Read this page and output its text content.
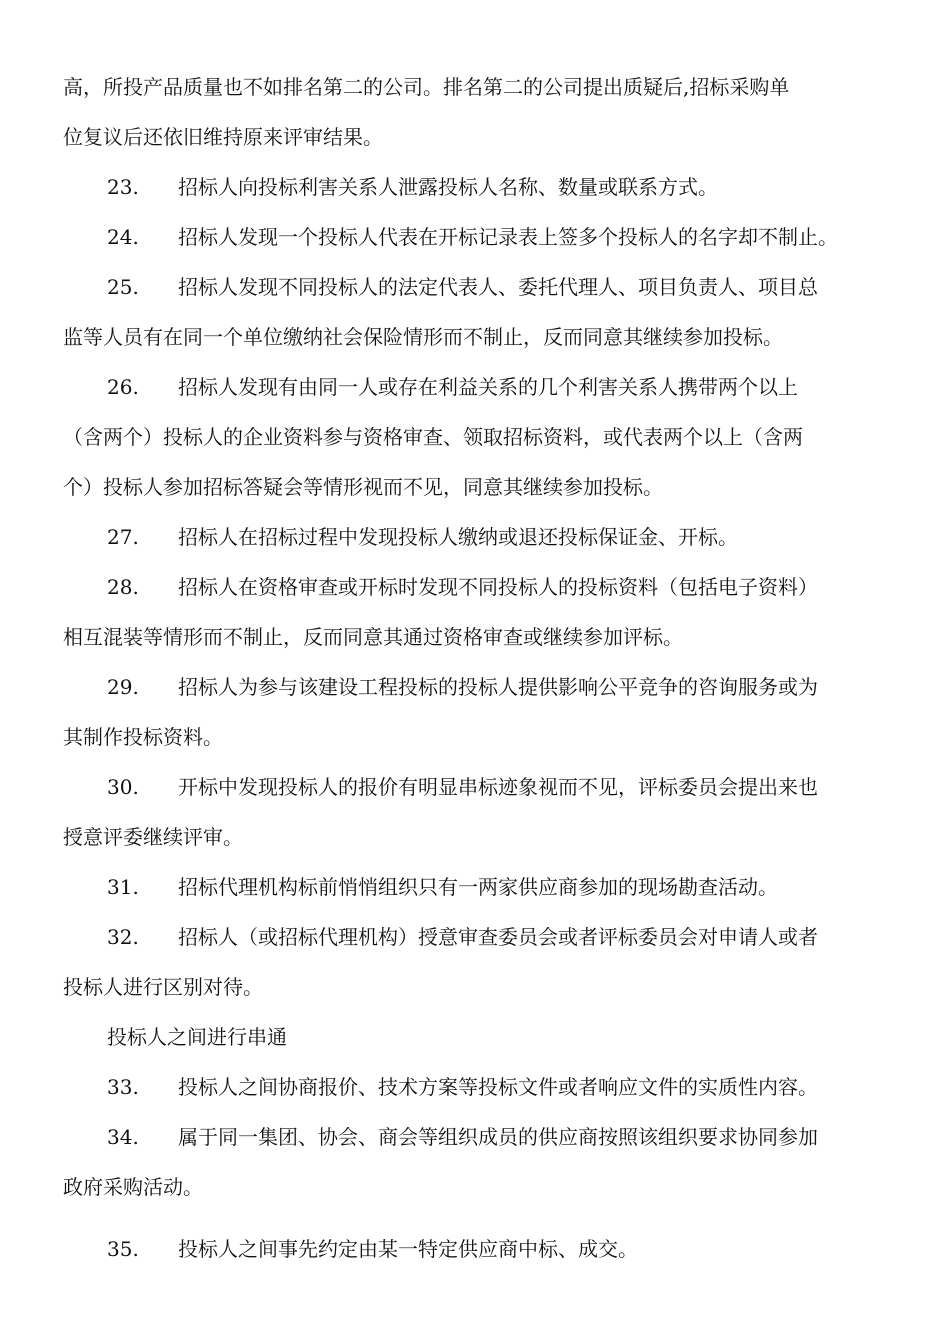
高，所投产品质量也不如排名第二的公司。排名第二的公司提出质疑后,招标采购单
位复议后还依旧维持原来评审结果。
23. 招标人向投标利害关系人泄露投标人名称、数量或联系方式。
24. 招标人发现一个投标人代表在开标记录表上签多个投标人的名字却不制止。
25. 招标人发现不同投标人的法定代表人、委托代理人、项目负责人、项目总
监等人员有在同一个单位缴纳社会保险情形而不制止，反而同意其继续参加投标。
26. 招标人发现有由同一人或存在利益关系的几个利害关系人携带两个以上
（含两个）投标人的企业资料参与资格审查、领取招标资料，或代表两个以上（含两
个）投标人参加招标答疑会等情形视而不见，同意其继续参加投标。
27. 招标人在招标过程中发现投标人缴纳或退还投标保证金、开标。
28. 招标人在资格审查或开标时发现不同投标人的投标资料（包括电子资料）
相互混装等情形而不制止，反而同意其通过资格审查或继续参加评标。
29. 招标人为参与该建设工程投标的投标人提供影响公平竞争的咨询服务或为
其制作投标资料。
30. 开标中发现投标人的报价有明显串标迹象视而不见，评标委员会提出来也
授意评委继续评审。
31. 招标代理机构标前悄悄组织只有一两家供应商参加的现场勘查活动。
32. 招标人（或招标代理机构）授意审查委员会或者评标委员会对申请人或者
投标人进行区别对待。
投标人之间进行串通
33. 投标人之间协商报价、技术方案等投标文件或者响应文件的实质性内容。
34. 属于同一集团、协会、商会等组织成员的供应商按照该组织要求协同参加
政府采购活动。
35. 投标人之间事先约定由某一特定供应商中标、成交。
